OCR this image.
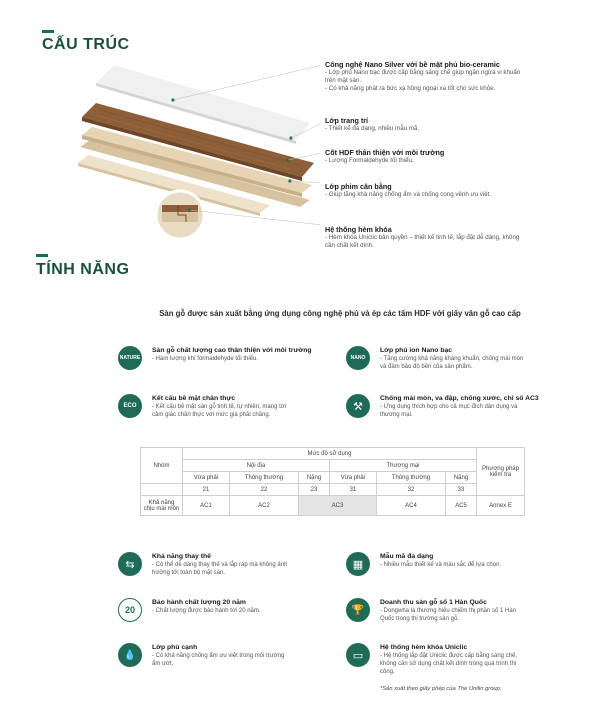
CẤU TRÚC
Công nghệ Nano Silver với bề mặt phủ bio-ceramic
- Lớp phủ Nano bạc được cấp bằng sáng chế giúp ngăn ngừa vi khuẩn
trên mặt sàn.
- Có khả năng phát ra bức xạ hồng ngoại xa tốt cho sức khỏe.
Lớp trang trí
- Thiết kế đa dạng, nhiều mẫu mã.
Cốt HDF thân thiện với môi trường
- Lượng Formaldehyde tối thiểu.
Lớp phim cân bằng
- Giúp tăng khả năng chống ẩm và chống cong vênh ưu việt.
Hệ thống hèm khóa
- Hèm khóa Uniclic bản quyền – thiết kế tinh tế, lắp đặt dễ dàng, không
cần chất kết dính.
TÍNH NĂNG
Sàn gỗ được sản xuất bằng ứng dụng công nghệ phủ và ép các tấm HDF với giấy vân gỗ cao cấp
NATURE
Sàn gỗ chất lượng cao thân thiện với môi trường
- Hàm lượng khí formaldehyde tối thiểu.	NANO
Lớp phủ ion Nano bạc
- Tăng cường khả năng kháng khuẩn, chống mài mòn
và đảm bảo độ bền của sản phẩm.
ECO
Kết cấu bề mặt chân thực
- Kết cấu bề mặt sàn gỗ tinh tế, tự nhiên, mang tới
cảm giác chân thực với mức giá phải chăng.
⚒
Chống mài mòn, va đập, chống xước, chỉ số AC3
- Ứng dụng thích hợp cho cả mục đích dân dụng và
thương mại.
Nhóm	Mức độ sử dụng						Phương pháp kiểm tra
	Nội địa			Thương mại			
	Vừa phải	Thông thường	Nặng	Vừa phải	Thông thường	Nặng	
	21	22	23	31	32	33	
Khả năng chịu mài mòn	AC1	AC2	AC3		AC4	AC5	Annex E
⇆
Khả năng thay thế
- Có thể dễ dàng thay thế và lắp ráp mà không ảnh
hưởng tới toàn bộ mặt sàn.
▦
Mẫu mã đa dạng
- Nhiều mẫu thiết kế và màu sắc để lựa chọn.
20
Bảo hành chất lượng 20 năm
- Chất lượng được bảo hành tới 20 năm.	🏆
Doanh thu sàn gỗ số 1 Hàn Quốc
- Dongwha là thương hiệu chiếm thị phần số 1 Hàn
Quốc trong thị trường sàn gỗ.
💧
Lớp phủ cạnh
- Có khả năng chống ẩm ưu việt trong môi trường
ẩm ướt.
▭
Hệ thống hèm khóa Uniclic
- Hệ thống lắp đặt Uniclic được cấp bằng sáng chế,
không cần sử dụng chất kết dính trong quá trình thi
công.
*Sản xuất theo giấy phép của The Unilin group.
